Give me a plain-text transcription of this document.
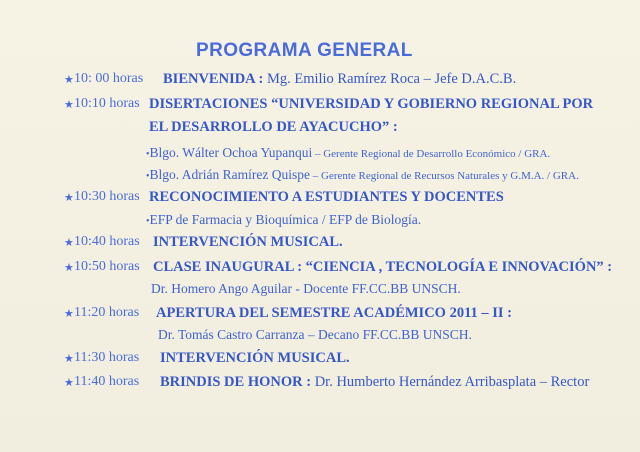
PROGRAMA GENERAL
★ 10: 00 horas BIENVENIDA : Mg. Emilio Ramírez Roca – Jefe D.A.C.B.
★ 10:10 horas DISERTACIONES “UNIVERSIDAD Y GOBIERNO REGIONAL POR
EL DESARROLLO DE AYACUCHO” :
•Blgo. Wálter Ochoa Yupanqui – Gerente Regional de Desarrollo Económico / GRA.
•Blgo. Adrián Ramírez Quispe – Gerente Regional de Recursos Naturales y G.M.A. / GRA.
★ 10:30 horas RECONOCIMIENTO A ESTUDIANTES Y DOCENTES
•EFP de Farmacia y Bioquímica / EFP de Biología.
★ 10:40 horas INTERVENCIÓN MUSICAL.
★ 10:50 horas CLASE INAUGURAL : “CIENCIA , TECNOLOGÍA E INNOVACIÓN” :
Dr. Homero Ango Aguilar - Docente FF.CC.BB UNSCH.
★ 11:20 horas APERTURA DEL SEMESTRE ACADÉMICO 2011 – II :
Dr. Tomás Castro Carranza – Decano FF.CC.BB UNSCH.
★ 11:30 horas INTERVENCIÓN MUSICAL.
★ 11:40 horas BRINDIS DE HONOR : Dr. Humberto Hernández Arribasplata – Rector
